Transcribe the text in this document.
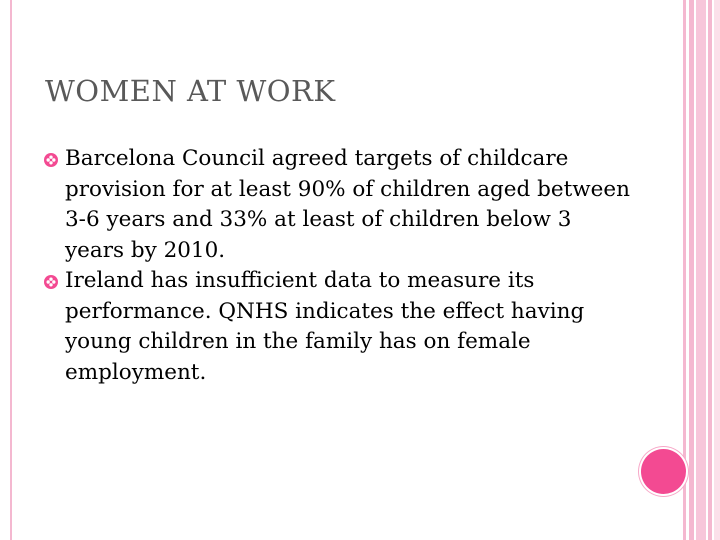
WOMEN AT WORK
Barcelona Council agreed targets of childcare provision for at least 90% of children aged between 3-6 years and 33% at least of children below 3 years by 2010.
Ireland has insufficient data to measure its performance. QNHS indicates the effect having young children in the family has on female employment.
